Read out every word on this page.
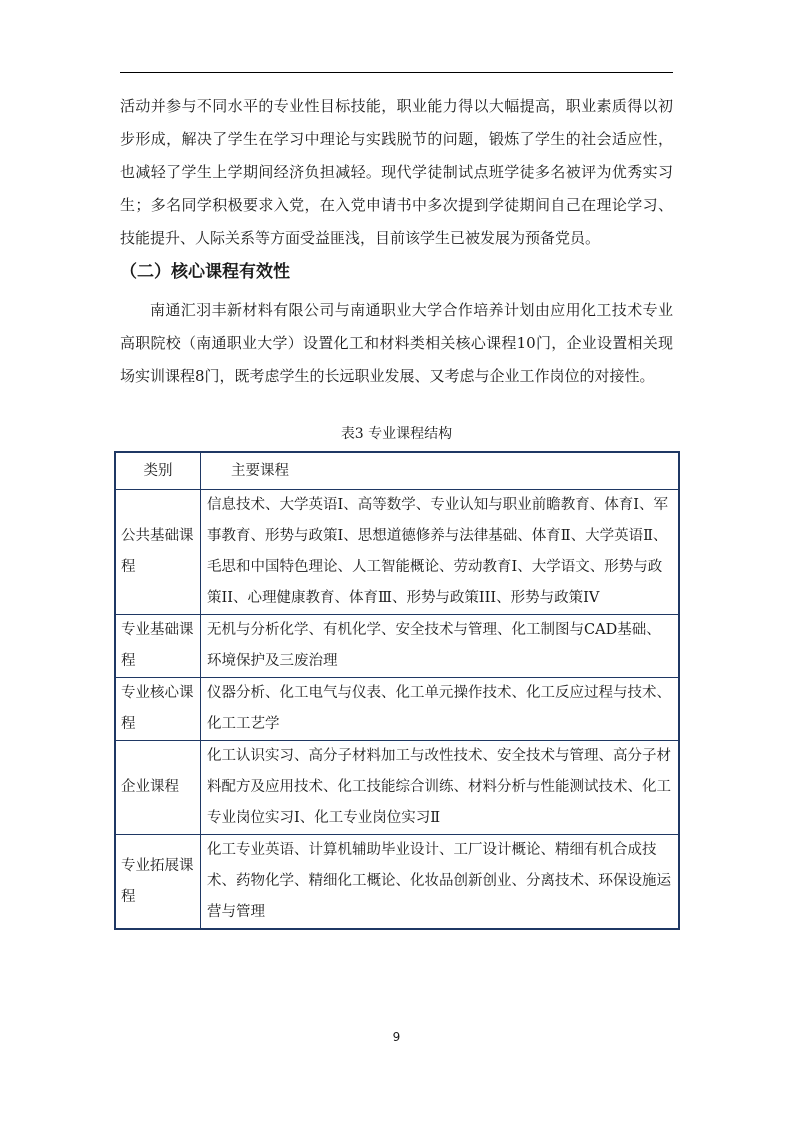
活动并参与不同水平的专业性目标技能，职业能力得以大幅提高，职业素质得以初步形成，解决了学生在学习中理论与实践脱节的问题，锻炼了学生的社会适应性，也减轻了学生上学期间经济负担减轻。现代学徒制试点班学徒多名被评为优秀实习生；多名同学积极要求入党，在入党申请书中多次提到学徒期间自己在理论学习、技能提升、人际关系等方面受益匪浅，目前该学生已被发展为预备党员。

（二）核心课程有效性

南通汇羽丰新材料有限公司与南通职业大学合作培养计划由应用化工技术专业高职院校（南通职业大学）设置化工和材料类相关核心课程10门，企业设置相关现场实训课程8门，既考虑学生的长远职业发展、又考虑与企业工作岗位的对接性。

表3 专业课程结构

类别	主要课程
公共基础课程	信息技术、大学英语Ⅰ、高等数学、专业认知与职业前瞻教育、体育Ⅰ、军事教育、形势与政策Ⅰ、思想道德修养与法律基础、体育Ⅱ、大学英语Ⅱ、毛思和中国特色理论、人工智能概论、劳动教育Ⅰ、大学语文、形势与政策II、心理健康教育、体育Ⅲ、形势与政策III、形势与政策IV
专业基础课程	无机与分析化学、有机化学、安全技术与管理、化工制图与CAD基础、环境保护及三废治理
专业核心课程	仪器分析、化工电气与仪表、化工单元操作技术、化工反应过程与技术、化工工艺学
企业课程	化工认识实习、高分子材料加工与改性技术、安全技术与管理、高分子材料配方及应用技术、化工技能综合训练、材料分析与性能测试技术、化工专业岗位实习Ⅰ、化工专业岗位实习Ⅱ
专业拓展课程	化工专业英语、计算机辅助毕业设计、工厂设计概论、精细有机合成技术、药物化学、精细化工概论、化妆品创新创业、分离技术、环保设施运营与管理

9
